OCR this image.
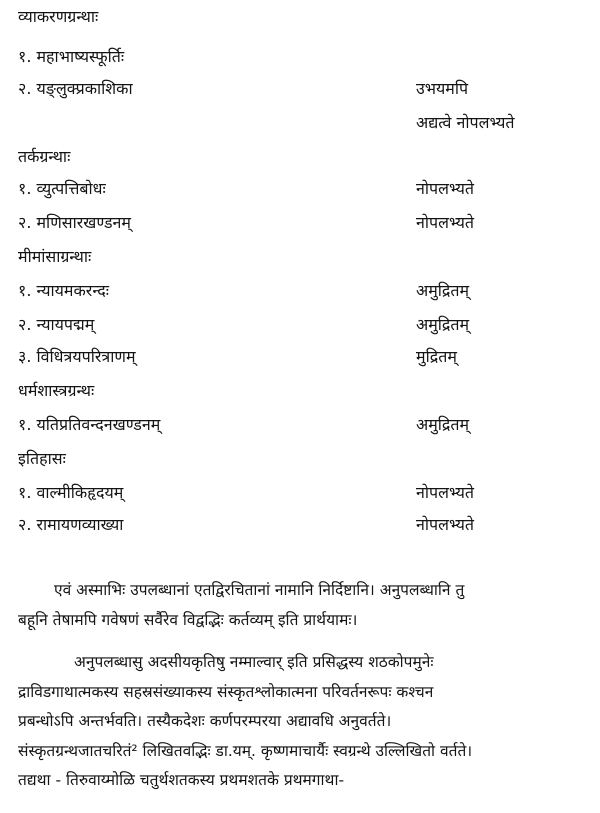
व्याकरणग्रन्थाः
१. महाभाष्यस्फूर्तिः
२. यङ्लुक्प्रकाशिका	उभयमपि
अद्यत्वे नोपलभ्यते
तर्कग्रन्थाः
१. व्युत्पत्तिबोधः	नोपलभ्यते
२. मणिसारखण्डनम्	नोपलभ्यते
मीमांसाग्रन्थाः
१. न्यायमकरन्दः	अमुद्रितम्
२. न्यायपद्मम्	अमुद्रितम्
३. विधित्रयपरित्राणम्	मुद्रितम्
धर्मशास्त्रग्रन्थः
१. यतिप्रतिवन्दनखण्डनम्	अमुद्रितम्
इतिहासः
१. वाल्मीकिहृदयम्	नोपलभ्यते
२. रामायणव्याख्या	नोपलभ्यते
एवं अस्माभिः उपलब्धानां एतद्विरचितानां नामानि निर्दिष्टानि। अनुपलब्धानि तु
बहूनि तेषामपि गवेषणं सर्वैरेव विद्वद्भिः कर्तव्यम् इति प्रार्थयामः।
अनुपलब्धासु अदसीयकृतिषु नम्माल्वार् इति प्रसिद्धस्य शठकोपमुनेः
द्राविडगाथात्मकस्य सहस्रसंख्याकस्य संस्कृतश्लोकात्मना परिवर्तनरूपः कश्चन
प्रबन्धोऽपि अन्तर्भवति। तस्यैकदेशः कर्णपरम्परया अद्यावधि अनुवर्तते।
संस्कृतग्रन्थजातचरितं² लिखितवद्भिः डा.यम्. कृष्णमाचार्यैः स्वग्रन्थे उल्लिखितो वर्तते।
तद्यथा - तिरुवाय्मोळि चतुर्थशतकस्य प्रथमशतके प्रथमगाथा-
